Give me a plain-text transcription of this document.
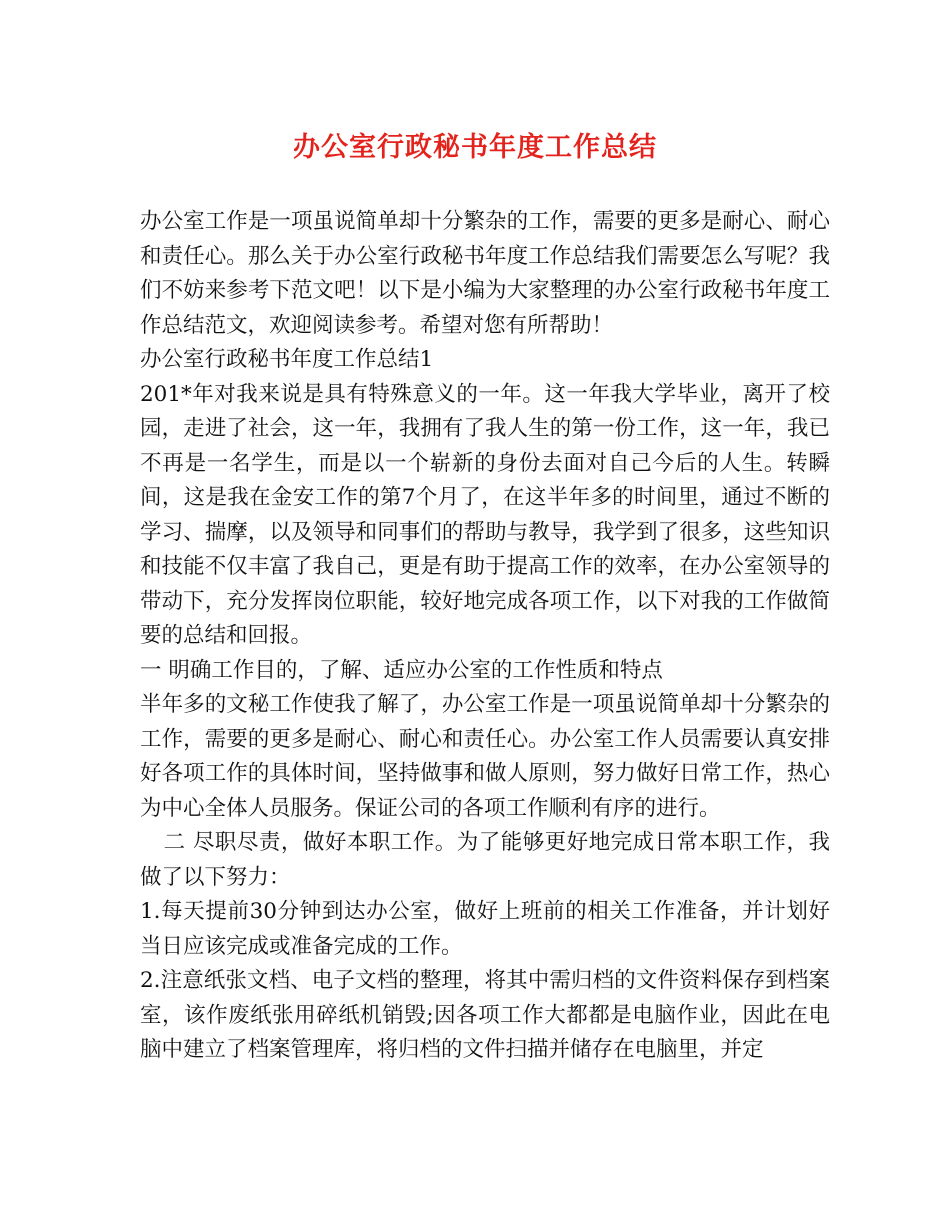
办公室行政秘书年度工作总结

办公室工作是一项虽说简单却十分繁杂的工作，需要的更多是耐心、耐心和责任心。那么关于办公室行政秘书年度工作总结我们需要怎么写呢？我们不妨来参考下范文吧！以下是小编为大家整理的办公室行政秘书年度工作总结范文，欢迎阅读参考。希望对您有所帮助！

办公室行政秘书年度工作总结1

201*年对我来说是具有特殊意义的一年。这一年我大学毕业，离开了校园，走进了社会，这一年，我拥有了我人生的第一份工作，这一年，我已不再是一名学生，而是以一个崭新的身份去面对自己今后的人生。转瞬间，这是我在金安工作的第7个月了，在这半年多的时间里，通过不断的学习、揣摩，以及领导和同事们的帮助与教导，我学到了很多，这些知识和技能不仅丰富了我自己，更是有助于提高工作的效率，在办公室领导的带动下，充分发挥岗位职能，较好地完成各项工作，以下对我的工作做简要的总结和回报。

一 明确工作目的，了解、适应办公室的工作性质和特点

半年多的文秘工作使我了解了，办公室工作是一项虽说简单却十分繁杂的工作，需要的更多是耐心、耐心和责任心。办公室工作人员需要认真安排好各项工作的具体时间，坚持做事和做人原则，努力做好日常工作，热心为中心全体人员服务。保证公司的各项工作顺利有序的进行。

二 尽职尽责，做好本职工作。为了能够更好地完成日常本职工作，我做了以下努力：

1.每天提前30分钟到达办公室，做好上班前的相关工作准备，并计划好当日应该完成或准备完成的工作。

2.注意纸张文档、电子文档的整理，将其中需归档的文件资料保存到档案室，该作废纸张用碎纸机销毁;因各项工作大都都是电脑作业，因此在电脑中建立了档案管理库，将归档的文件扫描并储存在电脑里，并定
